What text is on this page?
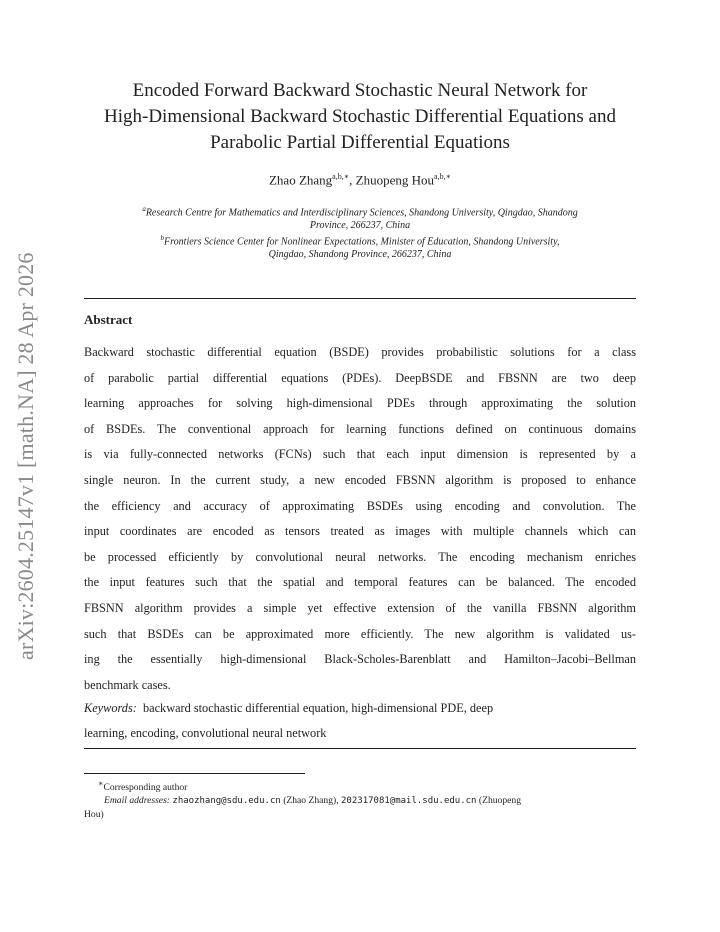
arXiv:2604.25147v1 [math.NA] 28 Apr 2026
Encoded Forward Backward Stochastic Neural Network for
High-Dimensional Backward Stochastic Differential Equations and
Parabolic Partial Differential Equations
Zhao Zhang$^{a,b,∗}$, Zhuopeng Hou$^{a,b,∗}$
$^a$Research Centre for Mathematics and Interdisciplinary Sciences, Shandong University, Qingdao, Shandong
Province, 266237, China
$^b$Frontiers Science Center for Nonlinear Expectations, Minister of Education, Shandong University,
Qingdao, Shandong Province, 266237, China
Abstract
Backward stochastic differential equation (BSDE) provides probabilistic solutions for a class
of parabolic partial differential equations (PDEs). DeepBSDE and FBSNN are two deep
learning approaches for solving high-dimensional PDEs through approximating the solution
of BSDEs. The conventional approach for learning functions defined on continuous domains
is via fully-connected networks (FCNs) such that each input dimension is represented by a
single neuron. In the current study, a new encoded FBSNN algorithm is proposed to enhance
the efficiency and accuracy of approximating BSDEs using encoding and convolution. The
input coordinates are encoded as tensors treated as images with multiple channels which can
be processed efficiently by convolutional neural networks. The encoding mechanism enriches
the input features such that the spatial and temporal features can be balanced. The encoded
FBSNN algorithm provides a simple yet effective extension of the vanilla FBSNN algorithm
such that BSDEs can be approximated more efficiently. The new algorithm is validated us-
ing the essentially high-dimensional Black-Scholes-Barenblatt and Hamilton–Jacobi–Bellman
benchmark cases.
Keywords: backward stochastic differential equation, high-dimensional PDE, deep
learning, encoding, convolutional neural network
∗Corresponding author
Email addresses: zhaozhang@sdu.edu.cn (Zhao Zhang), 202317081@mail.sdu.edu.cn (Zhuopeng
Hou)
